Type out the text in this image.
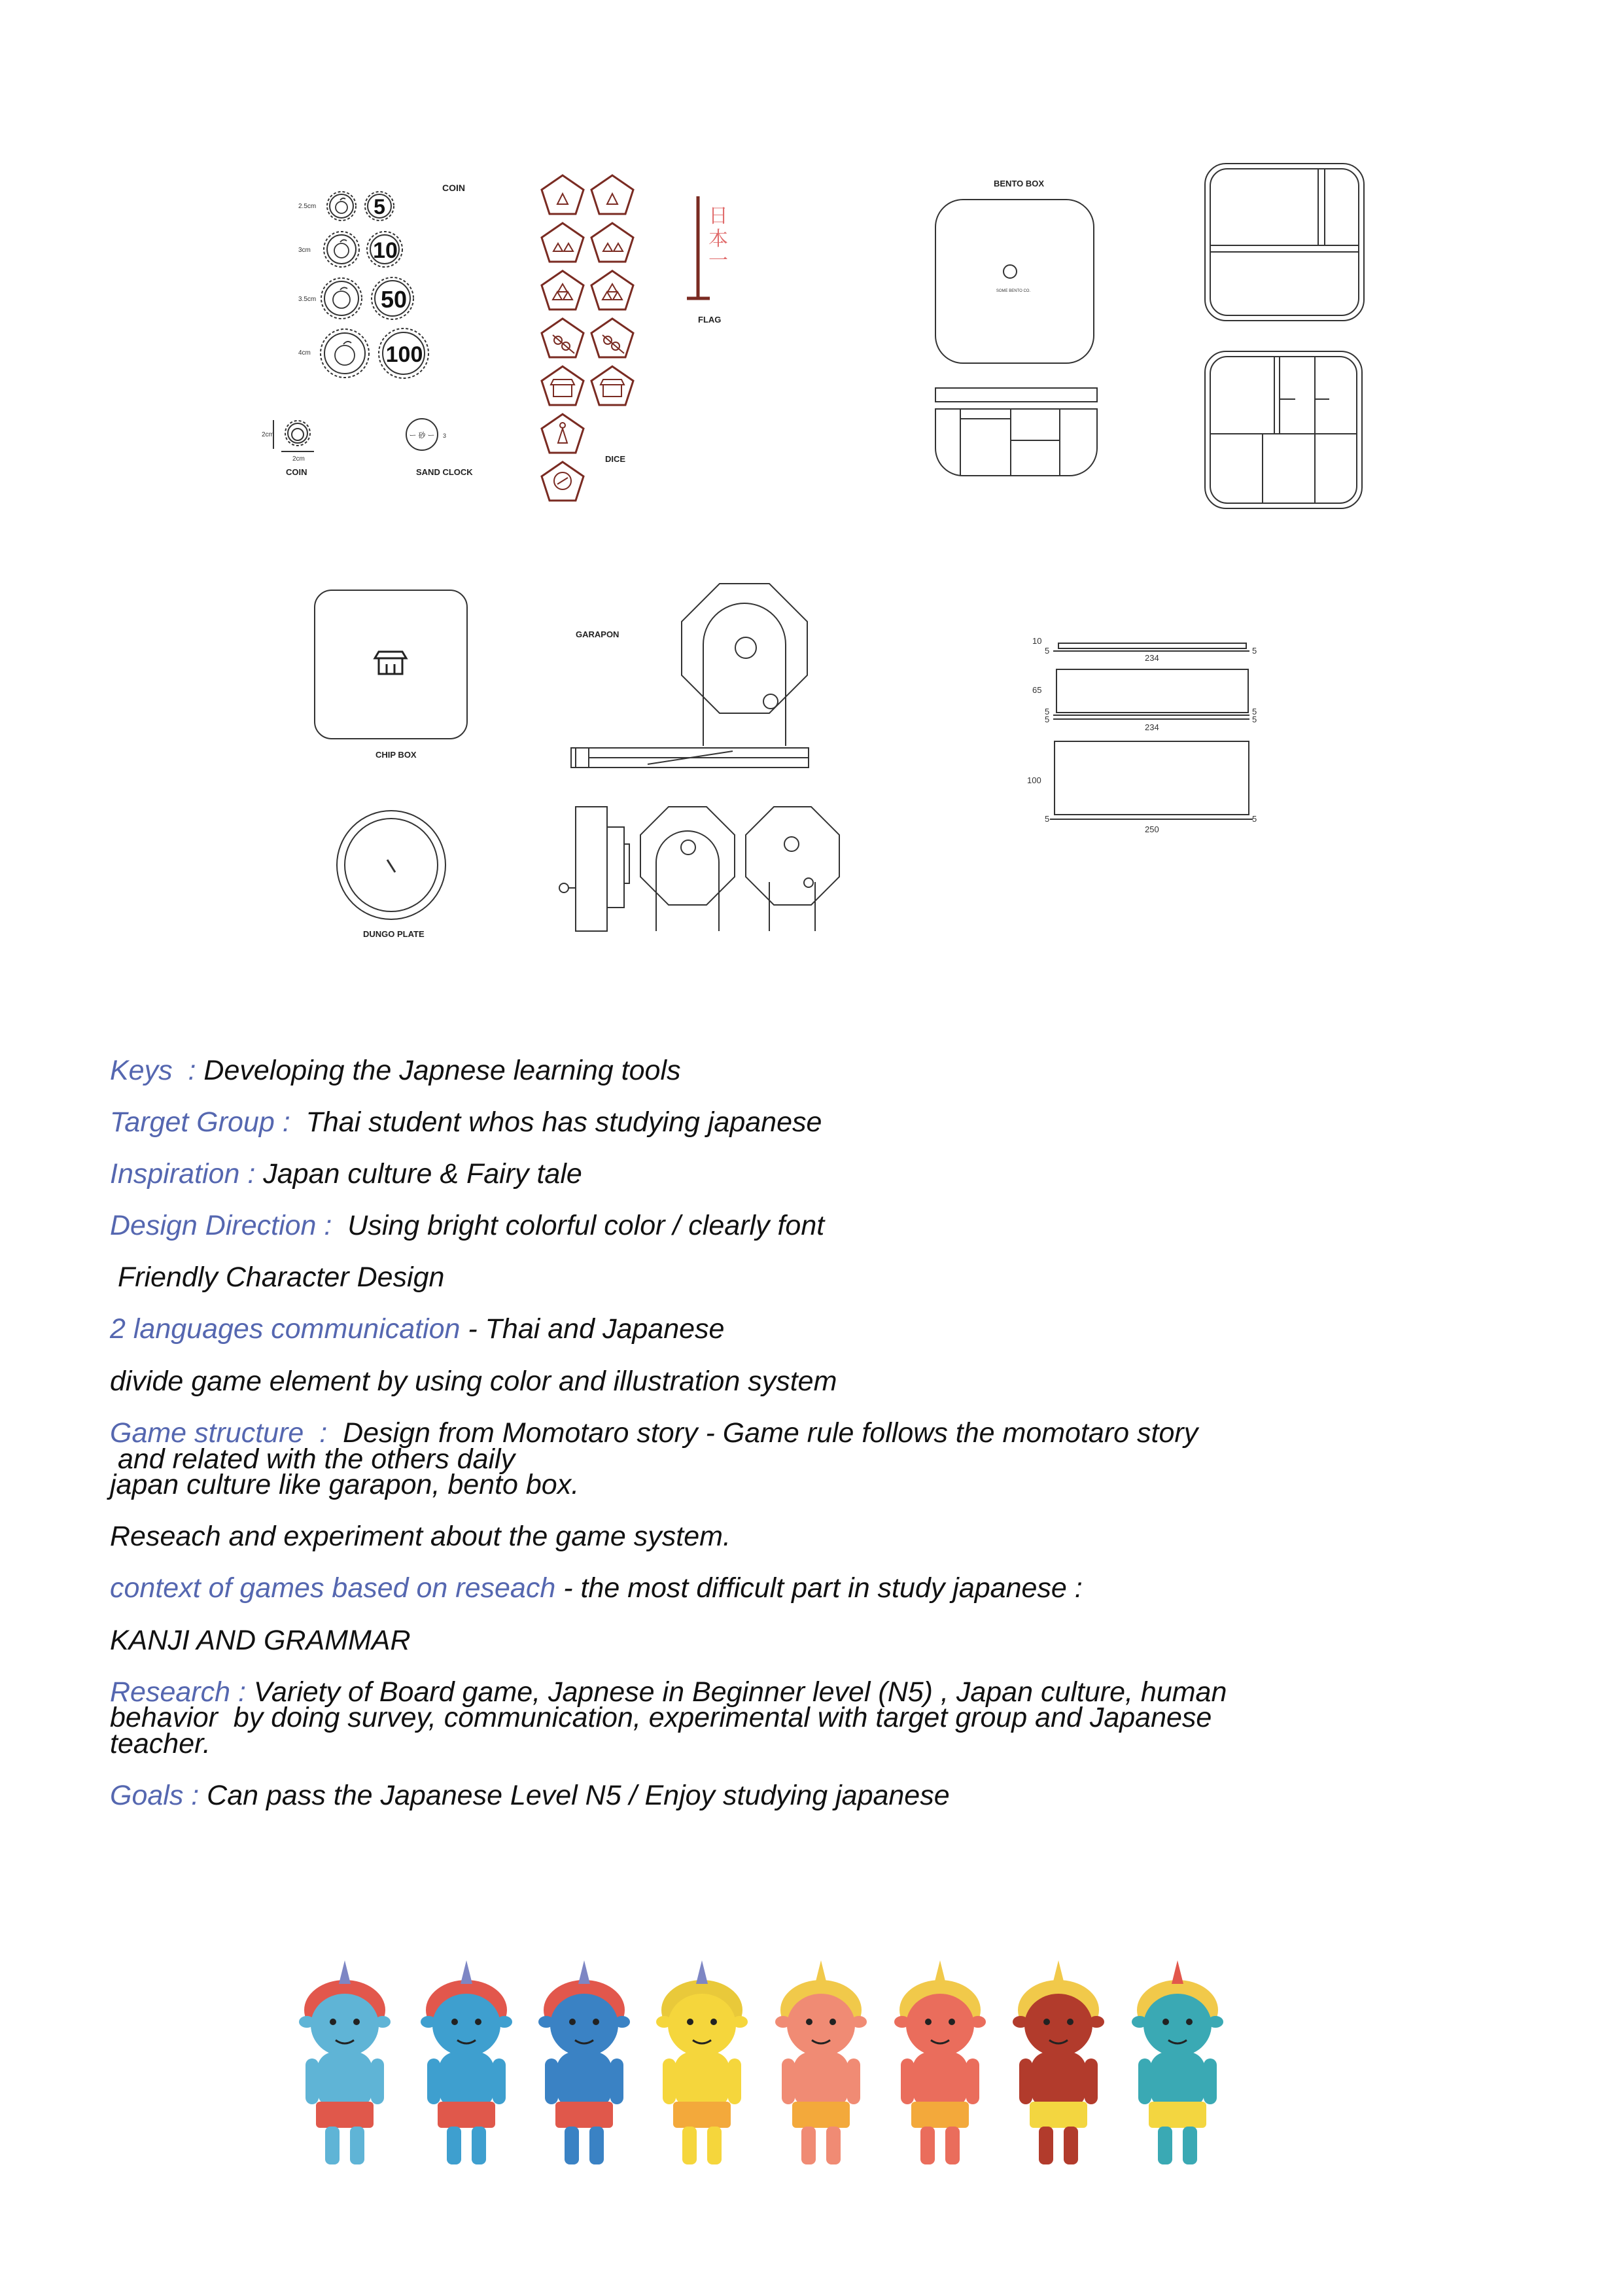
COIN
2.5cm	5
3cm	10
3.5cm	50
4cm	100
2cm
2cm
COIN
ー 砂 ー 3
SAND CLOCK
DICE
日
本
一
FLAG
BENTO BOX
SOME BENTO CO.
CHIP BOX
DUNGO PLATE
GARAPON
10
5	5
234
65
5
5
5
5
234
100
5	5
250
Keys  : Developing the Japnese learning tools
Target Group :  Thai student whos has studying japanese
Inspiration : Japan culture & Fairy tale
Design Direction :  Using bright colorful color / clearly font
Friendly Character Design
2 languages communication - Thai and Japanese
divide game element by using color and illustration system
Game structure  :  Design from Momotaro story - Game rule follows the momotaro story
and related with the others daily
japan culture like garapon, bento box.
Reseach and experiment about the game system.
context of games based on reseach - the most difficult part in study japanese :
KANJI AND GRAMMAR
Research : Variety of Board game, Japnese in Beginner level (N5) , Japan culture, human
behavior  by doing survey, communication, experimental with target group and Japanese
teacher.
Goals : Can pass the Japanese Level N5 / Enjoy studying japanese
